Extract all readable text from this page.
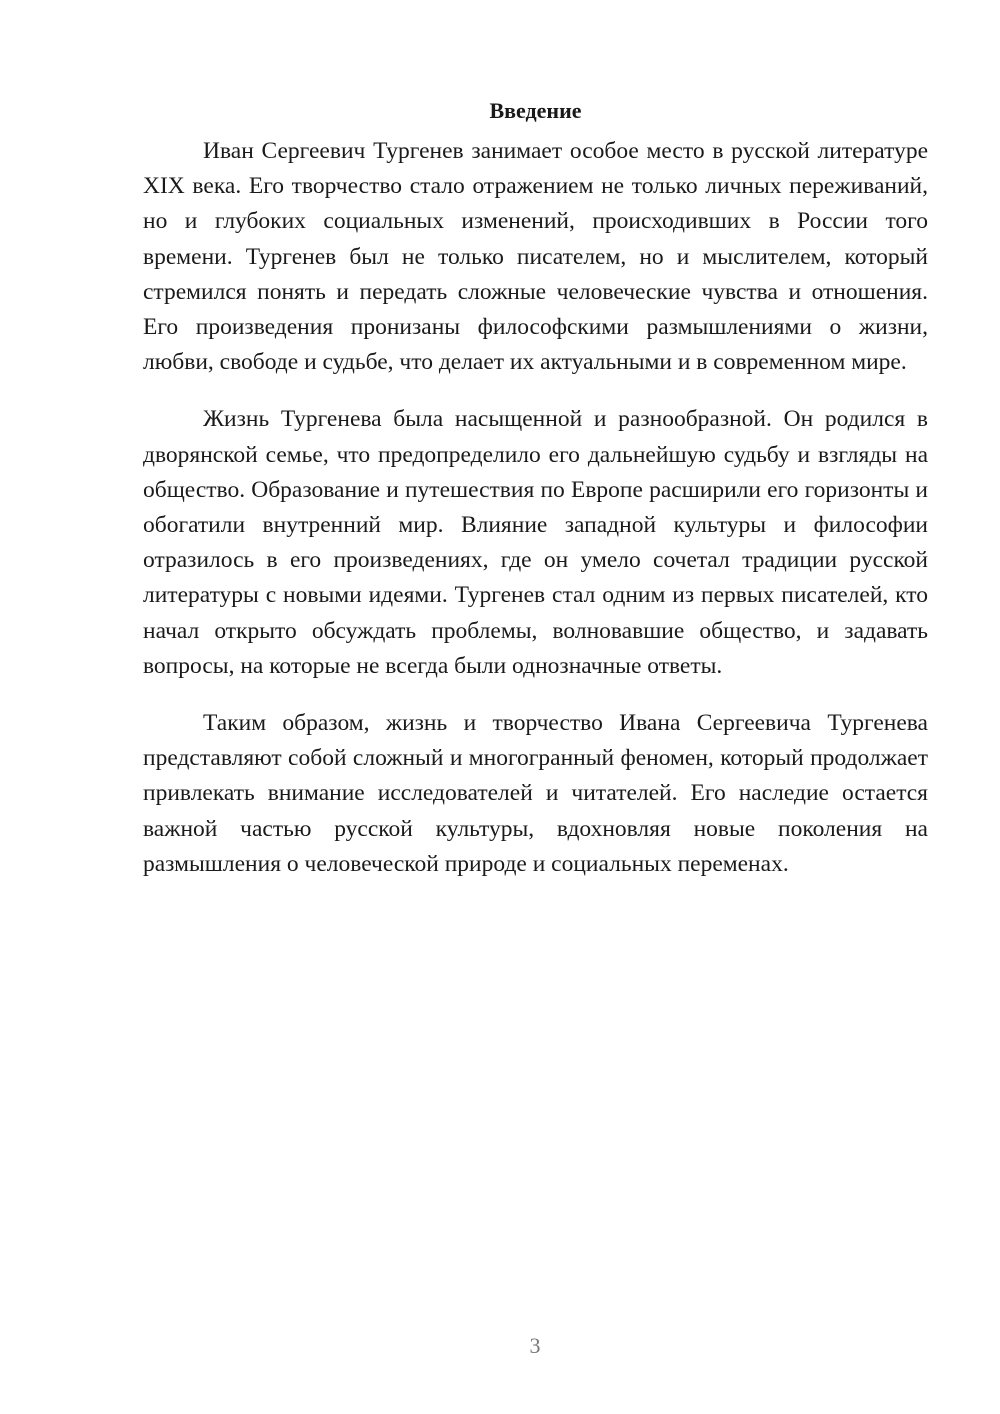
Введение

Иван Сергеевич Тургенев занимает особое место в русской литературе XIX века. Его творчество стало отражением не только личных переживаний, но и глубоких социальных изменений, происходивших в России того времени. Тургенев был не только писателем, но и мыслителем, который стремился понять и передать сложные человеческие чувства и отношения. Его произведения пронизаны философскими размышлениями о жизни, любви, свободе и судьбе, что делает их актуальными и в современном мире.

Жизнь Тургенева была насыщенной и разнообразной. Он родился в дворянской семье, что предопределило его дальнейшую судьбу и взгляды на общество. Образование и путешествия по Европе расширили его горизонты и обогатили внутренний мир. Влияние западной культуры и философии отразилось в его произведениях, где он умело сочетал традиции русской литературы с новыми идеями. Тургенев стал одним из первых писателей, кто начал открыто обсуждать проблемы, волновавшие общество, и задавать вопросы, на которые не всегда были однозначные ответы.

Таким образом, жизнь и творчество Ивана Сергеевича Тургенева представляют собой сложный и многогранный феномен, который продолжает привлекать внимание исследователей и читателей. Его наследие остается важной частью русской культуры, вдохновляя новые поколения на размышления о человеческой природе и социальных переменах.

3
